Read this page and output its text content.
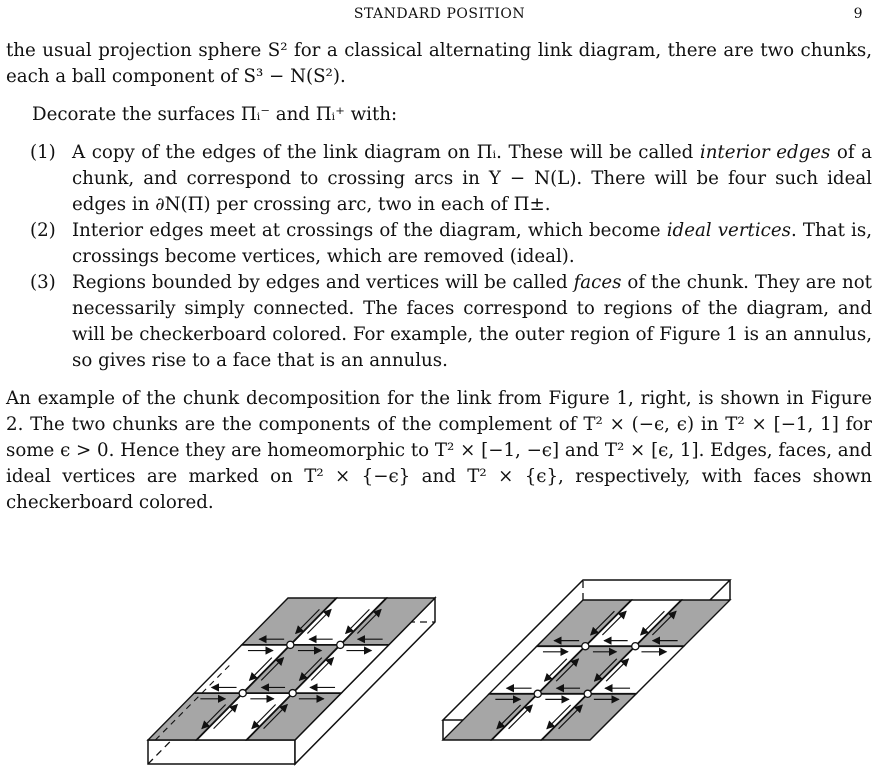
STANDARD POSITION	9

the usual projection sphere S² for a classical alternating link diagram, there are two chunks, each a ball component of S³ − N(S²).

Decorate the surfaces Πᵢ⁻ and Πᵢ⁺ with:

(1) A copy of the edges of the link diagram on Πᵢ. These will be called interior edges of a chunk, and correspond to crossing arcs in Y − N(L). There will be four such ideal edges in ∂N(Π) per crossing arc, two in each of Π±.
(2) Interior edges meet at crossings of the diagram, which become ideal vertices. That is, crossings become vertices, which are removed (ideal).
(3) Regions bounded by edges and vertices will be called faces of the chunk. They are not necessarily simply connected. The faces correspond to regions of the diagram, and will be checkerboard colored. For example, the outer region of Figure 1 is an annulus, so gives rise to a face that is an annulus.

An example of the chunk decomposition for the link from Figure 1, right, is shown in Figure 2. The two chunks are the components of the complement of T² × (−ϵ, ϵ) in T² × [−1, 1] for some ϵ > 0. Hence they are homeomorphic to T² × [−1, −ϵ] and T² × [ϵ, 1]. Edges, faces, and ideal vertices are marked on T² × {−ϵ} and T² × {ϵ}, respectively, with faces shown checkerboard colored.
